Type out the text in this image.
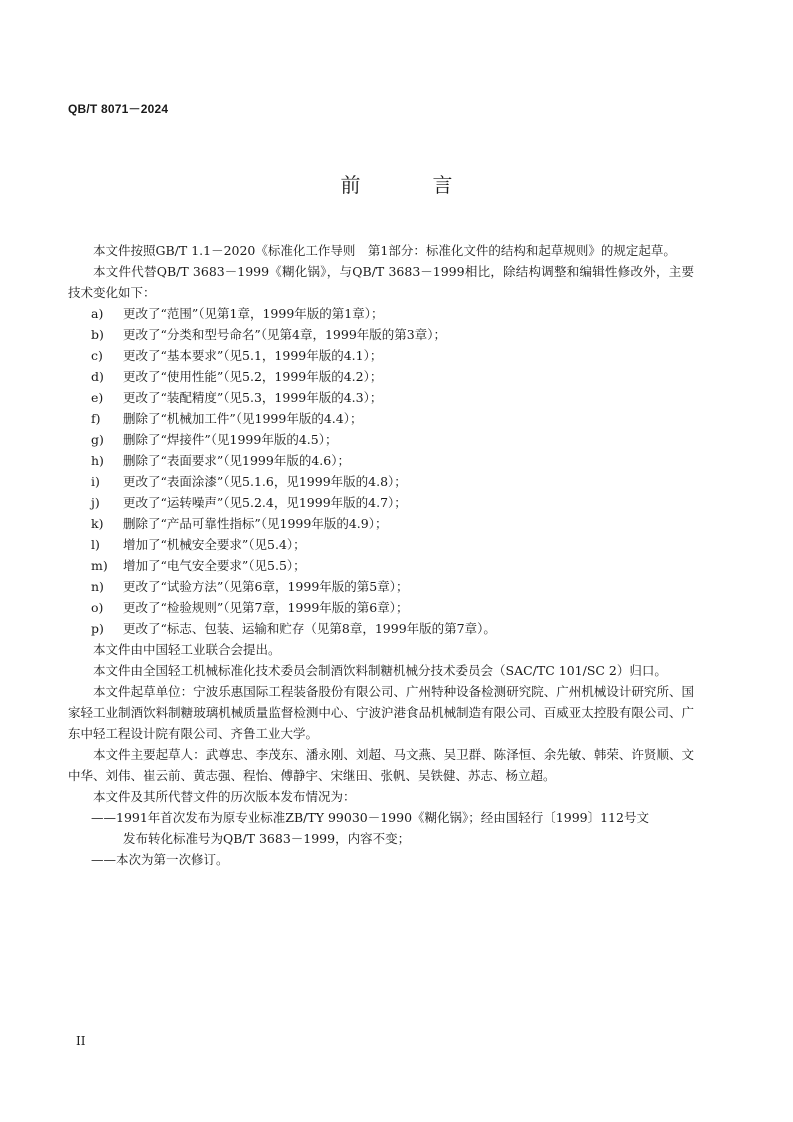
QB/T 8071－2024
前　言

本文件按照GB/T 1.1－2020《标准化工作导则　第1部分：标准化文件的结构和起草规则》的规定起草。

本文件代替QB/T 3683－1999《糊化锅》，与QB/T 3683－1999相比，除结构调整和编辑性修改外，主要技术变化如下：

a) 更改了“范围”（见第1章，1999年版的第1章）；
b) 更改了“分类和型号命名”（见第4章，1999年版的第3章）；
c) 更改了“基本要求”（见5.1，1999年版的4.1）；
d) 更改了“使用性能”（见5.2，1999年版的4.2）；
e) 更改了“装配精度”（见5.3，1999年版的4.3）；
f) 删除了“机械加工件”（见1999年版的4.4）；
g) 删除了“焊接件”（见1999年版的4.5）；
h) 删除了“表面要求”（见1999年版的4.6）；
i) 更改了“表面涂漆”（见5.1.6，见1999年版的4.8）；
j) 更改了“运转噪声”（见5.2.4，见1999年版的4.7）；
k) 删除了“产品可靠性指标”（见1999年版的4.9）；
l) 增加了“机械安全要求”（见5.4）；
m) 增加了“电气安全要求”（见5.5）；
n) 更改了“试验方法”（见第6章，1999年版的第5章）；
o) 更改了“检验规则”（见第7章，1999年版的第6章）；
p) 更改了“标志、包装、运输和贮存（见第8章，1999年版的第7章）。

本文件由中国轻工业联合会提出。

本文件由全国轻工机械标准化技术委员会制酒饮料制糖机械分技术委员会（SAC/TC 101/SC 2）归口。

本文件起草单位：宁波乐惠国际工程装备股份有限公司、广州特种设备检测研究院、广州机械设计研究所、国家轻工业制酒饮料制糖玻璃机械质量监督检测中心、宁波沪港食品机械制造有限公司、百威亚太控股有限公司、广东中轻工程设计院有限公司、齐鲁工业大学。

本文件主要起草人：武尊忠、李茂东、潘永刚、刘超、马文燕、吴卫群、陈泽恒、余先敏、韩荣、许贤顺、文中华、刘伟、崔云前、黄志强、程怡、傅静宇、宋继田、张帆、吴铁健、苏志、杨立超。

本文件及其所代替文件的历次版本发布情况为：

——1991年首次发布为原专业标准ZB/TY 99030－1990《糊化锅》；经由国轻行〔1999〕112号文

发布转化标准号为QB/T 3683－1999，内容不变；

——本次为第一次修订。

II
